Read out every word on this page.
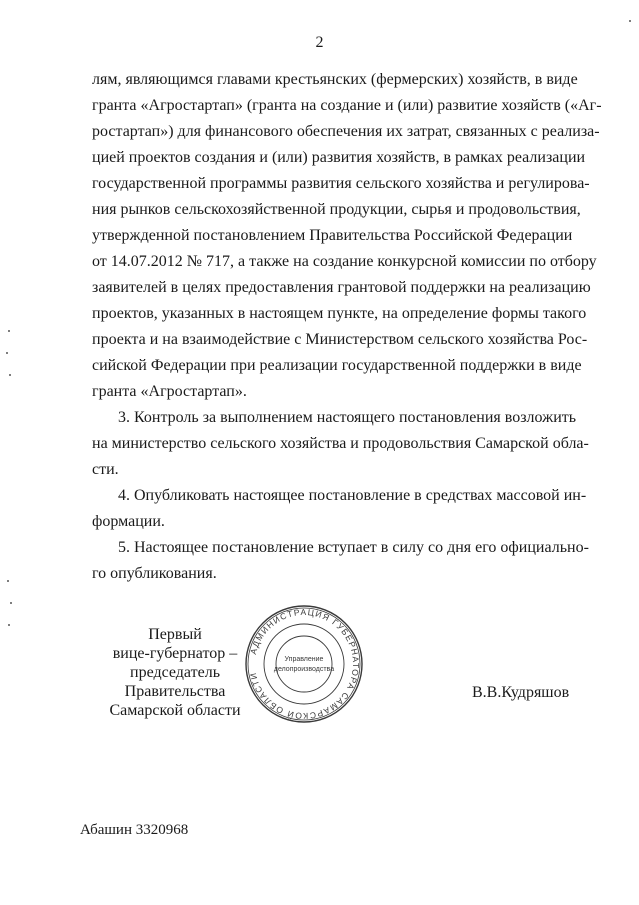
2
лям, являющимся главами крестьянских (фермерских) хозяйств, в виде
гранта «Агростартап» (гранта на создание и (или) развитие хозяйств («Аг-
ростартап») для финансового обеспечения их затрат, связанных с реализа-
цией проектов создания и (или) развития хозяйств, в рамках реализации
государственной программы развития сельского хозяйства и регулирова-
ния рынков сельскохозяйственной продукции, сырья и продовольствия,
утвержденной постановлением Правительства Российской Федерации
от 14.07.2012 № 717, а также на создание конкурсной комиссии по отбору
заявителей в целях предоставления грантовой поддержки на реализацию
проектов, указанных в настоящем пункте, на определение формы такого
проекта и на взаимодействие с Министерством сельского хозяйства Рос-
сийской Федерации при реализации государственной поддержки в виде
гранта «Агростартап».
3. Контроль за выполнением настоящего постановления возложить
на министерство сельского хозяйства и продовольствия Самарской обла-
сти.
4. Опубликовать настоящее постановление в средствах массовой ин-
формации.
5. Настоящее постановление вступает в силу со дня его официально-
го опубликования.
Первый
вице-губернатор –
председатель Правительства
Самарской области
АДМИНИСТРАЦИЯ ГУБЕРНАТОРА САМАРСКОЙ ОБЛАСТИ
Управление
делопроизводства
В.В.Кудряшов
Абашин 3320968
